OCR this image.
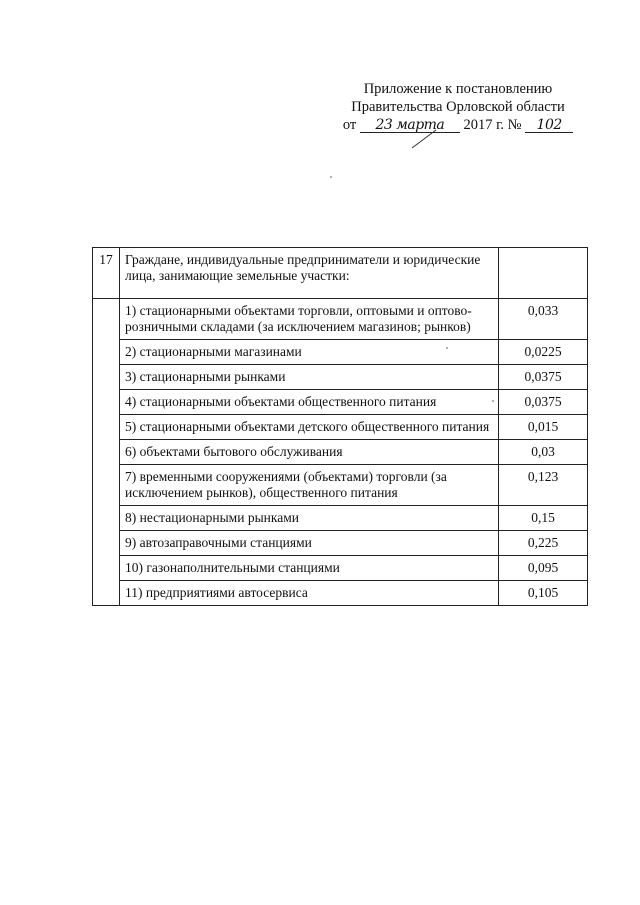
Приложение к постановлению
Правительства Орловской области
от 23 марта 2017 г. № 102
17	Граждане, индивидуальные предприниматели и юридические лица, занимающие земельные участки:	
	1) стационарными объектами торговли, оптовыми и оптово-розничными складами (за исключением магазинов; рынков)	0,033
	2) стационарными магазинами	0,0225
	3) стационарными рынками	0,0375
	4) стационарными объектами общественного питания	0,0375
	5) стационарными объектами детского общественного питания	0,015
	6) объектами бытового обслуживания	0,03
	7) временными сооружениями (объектами) торговли (за исключением рынков), общественного питания	0,123
	8) нестационарными рынками	0,15
	9) автозаправочными станциями	0,225
	10) газонаполнительными станциями	0,095
	11) предприятиями автосервиса	0,105
